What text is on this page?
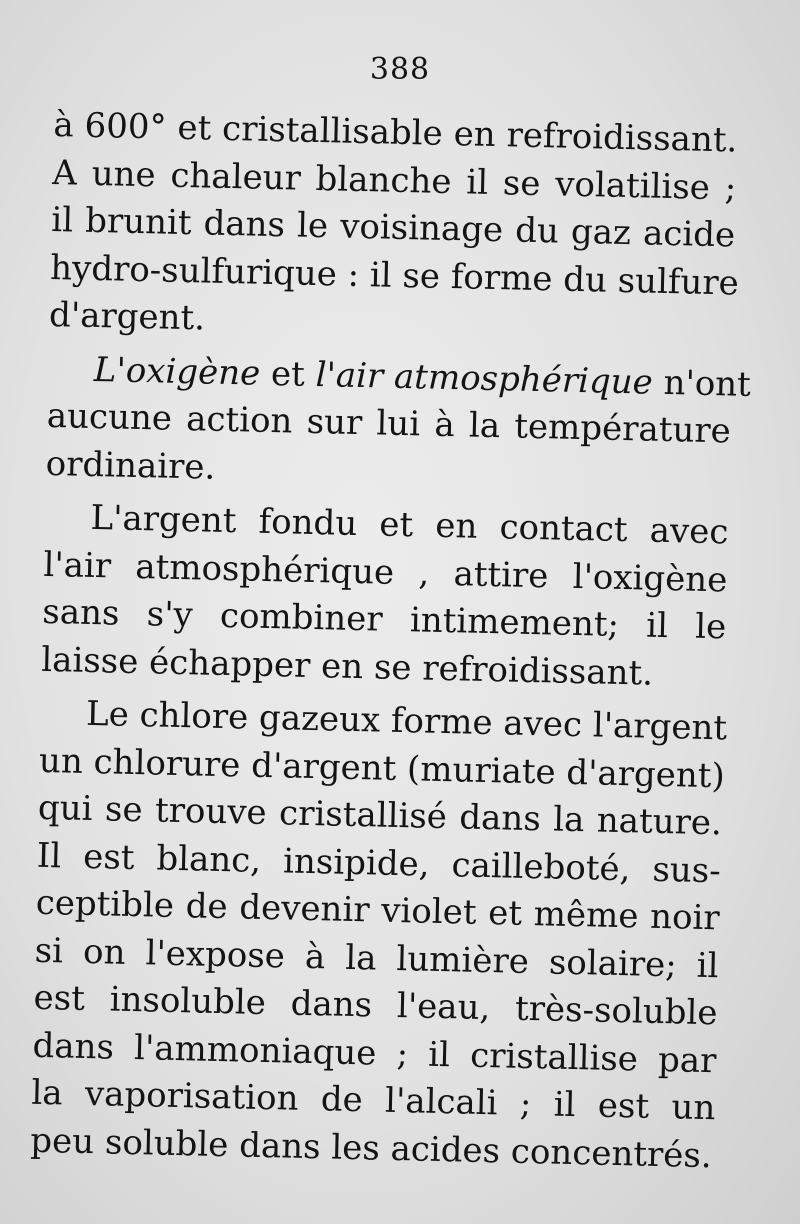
388
à 600° et cristallisable en refroidissant.
A une chaleur blanche il se volatilise ;
il brunit dans le voisinage du gaz acide
hydro-sulfurique : il se forme du sulfure
d'argent.
L'oxigène et l'air atmosphérique n'ont
aucune action sur lui à la température
ordinaire.
L'argent fondu et en contact avec
l'air atmosphérique , attire l'oxigène
sans s'y combiner intimement; il le
laisse échapper en se refroidissant.
Le chlore gazeux forme avec l'argent
un chlorure d'argent (muriate d'argent)
qui se trouve cristallisé dans la nature.
Il est blanc, insipide, caillebοté, sus-
ceptible de devenir violet et même noir
si on l'expose à la lumière solaire; il
est insoluble dans l'eau, très-soluble
dans l'ammoniaque ; il cristallise par
la vaporisation de l'alcali ; il est un
peu soluble dans les acides concentrés.
